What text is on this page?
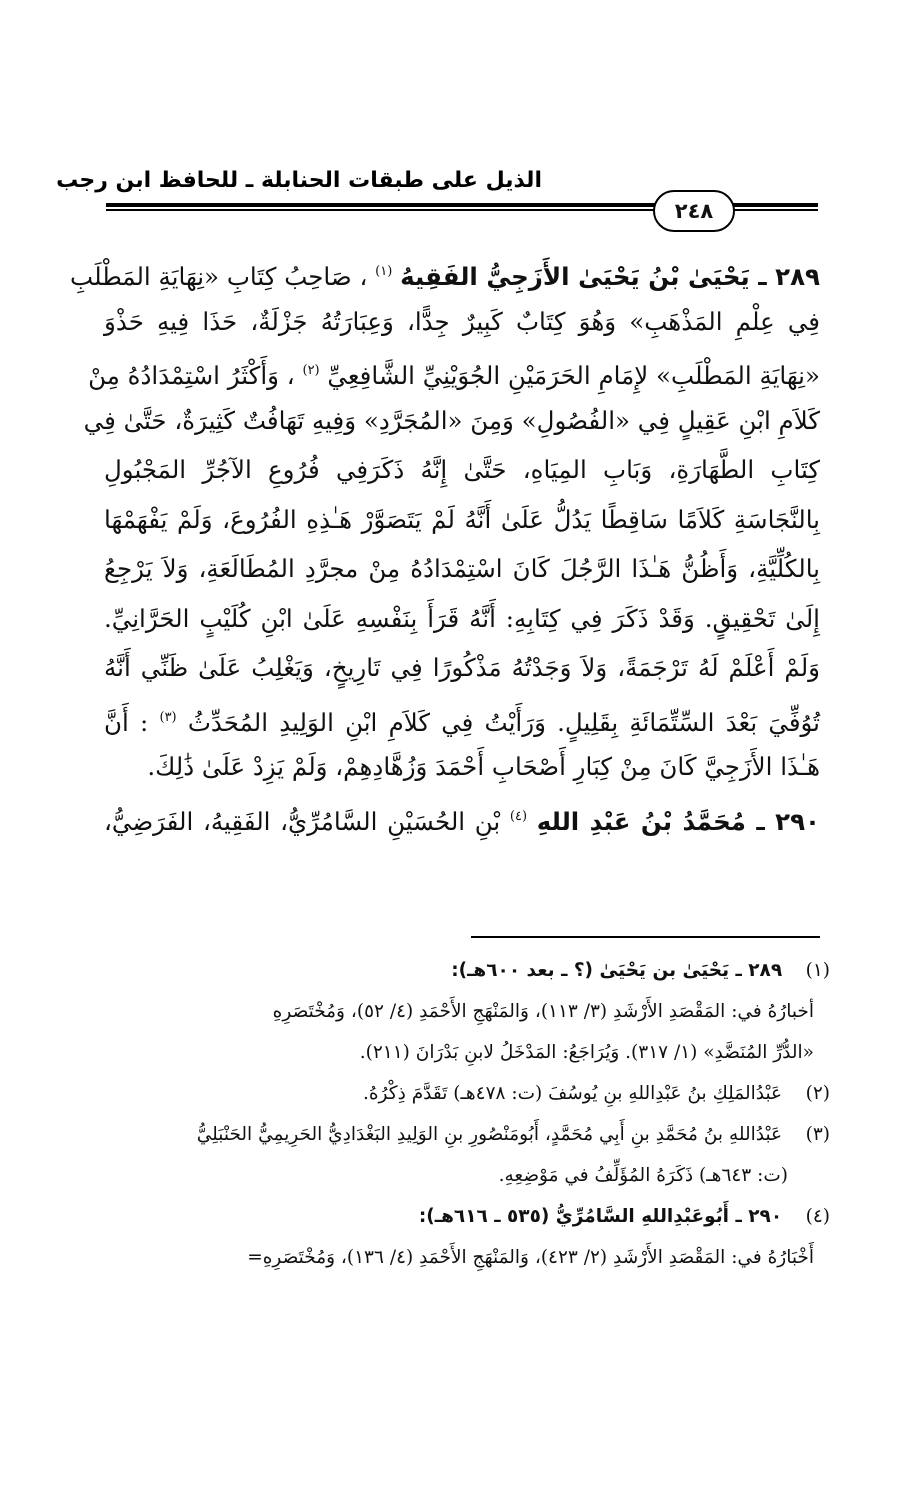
الذيل على طبقات الحنابلة ـ للحافظ ابن رجب
٢٤٨
٢٨٩ ـ يَحْيَىٰ بْنُ يَحْيَىٰ الأَزَجِيُّ الفَقِيهُ $^{(١)}$ ، صَاحِبُ كِتَابِ «نِهَايَةِ المَطْلَبِ
فِي عِلْمِ المَذْهَبِ» وَهُوَ كِتَابٌ كَبِيرٌ جِدًّا، وَعِبَارَتُهُ جَزْلَةٌ، حَذَا فِيهِ حَذْوَ
«نِهَايَةِ المَطْلَبِ» لإِمَامِ الحَرَمَيْنِ الجُوَيْنِيِّ الشَّافِعِيِّ $^{(٢)}$ ، وَأَكْثَرُ اسْتِمْدَادُهُ مِنْ
كَلاَمِ ابْنِ عَقِيلٍ فِي «الفُصُولِ» وَمِنَ «المُجَرَّدِ» وَفِيهِ تَهَافُتٌ كَثِيرَةٌ، حَتَّىٰ فِي
كِتَابِ الطَّهَارَةِ، وَبَابِ المِيَاهِ، حَتَّىٰ إِنَّهُ ذَكَرَفِي فُرُوعِ الآجُرِّ المَجْبُولِ
بِالنَّجَاسَةِ كَلاَمًا سَاقِطًا يَدُلُّ عَلَىٰ أَنَّهُ لَمْ يَتَصَوَّرْ هَـٰذِهِ الفُرُوعَ، وَلَمْ يَفْهَمْهَا
بِالكُلِّيَّةِ، وَأَظُنُّ هَـٰذَا الرَّجُلَ كَانَ اسْتِمْدَادُهُ مِنْ مجرَّدِ المُطَالَعَةِ، وَلاَ يَرْجِعُ
إِلَىٰ تَحْقِيقٍ. وَقَدْ ذَكَرَ فِي كِتَابِهِ: أَنَّهُ قَرَأَ بِنَفْسِهِ عَلَىٰ ابْنِ كُلَيْبٍ الحَرَّانِيِّ.
وَلَمْ أَعْلَمْ لَهُ تَرْجَمَةً، وَلاَ وَجَدْتُهُ مَذْكُورًا فِي تَارِيخٍ، وَيَغْلِبُ عَلَىٰ ظَنِّي أَنَّهُ
تُوُفِّيَ بَعْدَ السِّتِّمَائَةِ بِقَلِيلٍ. وَرَأَيْتُ فِي كَلاَمِ ابْنِ الوَلِيدِ المُحَدِّثُ $^{(٣)}$ : أَنَّ
هَـٰذَا الأَزَجِيَّ كَانَ مِنْ كِبَارِ أَصْحَابِ أَحْمَدَ وَزُهَّادِهِمْ، وَلَمْ يَزِدْ عَلَىٰ ذَٰلِكَ.
٢٩٠ ـ مُحَمَّدُ بْنُ عَبْدِ اللهِ $^{(٤)}$ بْنِ الحُسَيْنِ السَّامُرِّيُّ، الفَقِيهُ، الفَرَضِيُّ،
(١) ٢٨٩ ـ يَحْيَىٰ بن يَحْيَىٰ (؟ ـ بعد ٦٠٠هـ):
أخبارُهُ في: المَقْصَدِ الأَرْشَدِ (٣/ ١١٣)، وَالمَنْهَجِ الأَحْمَدِ (٤/ ٥٢)، وَمُخْتَصَرِهِ
«الدُّرِّ المُنَضَّدِ» (١/ ٣١٧). وَيُرَاجَعُ: المَدْخَلُ لابنِ بَدْرَانَ (٢١١).
(٢) عَبْدُالمَلِكِ بنُ عَبْدِاللهِ بنِ يُوسُفَ (ت: ٤٧٨هـ) تَقَدَّمَ ذِكْرُهُ.
(٣) عَبْدُاللهِ بنُ مُحَمَّدِ بنِ أَبِي مُحَمَّدٍ، أَبُومَنْصُورِ بنِ الوَلِيدِ البَغْدَادِيُّ الحَرِيمِيُّ الحَنْبَلِيُّ
(ت: ٦٤٣هـ) ذَكَرَهُ المُؤَلِّفُ في مَوْضِعِهِ.
(٤) ٢٩٠ ـ أَبُوعَبْدِاللهِ السَّامُرِّيُّ (٥٣٥ ـ ٦١٦هـ):
أَخْبَارُهُ في: المَقْصَدِ الأَرْشَدِ (٢/ ٤٢٣)، وَالمَنْهَجِ الأَحْمَدِ (٤/ ١٣٦)، وَمُخْتَصَرِهِ=
